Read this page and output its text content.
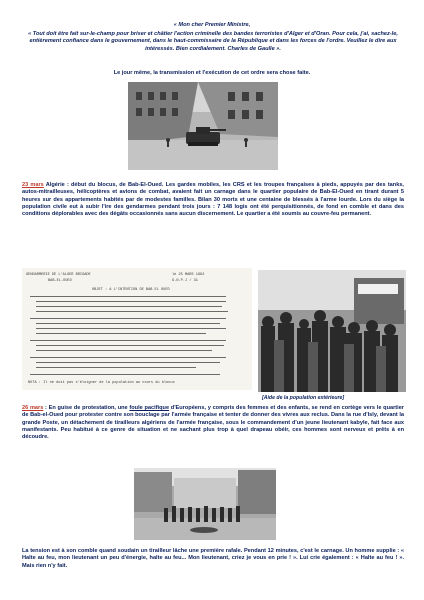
« Mon cher Premier Ministre,
« Tout doit être fait sur-le-champ pour briser et châtier l'action criminelle des bandes terroristes d'Alger et d'Oran. Pour cela, j'ai, sachez-le, entièrement confiance dans le gouvernement, dans le haut-commissaire de la République et dans les forces de l'ordre. Veuillez le dire aux intéressés. Bien cordialement. Charles de Gaulle ».
Le jour même, la transmission et l'exécution de cet ordre sera chose faite.
23 mars Algérie : début du blocus, de Bab-El-Oued. Les gardes mobiles, les CRS et les troupes françaises à pieds, appuyés par des tanks, autos-mitrailleuses, hélicoptères et avions de combat, avaient fait un carnage dans le quartier populaire de Bab-El-Oued en tirant durant 5 heures sur des appartements habités par de modestes familles. Bilan 30 morts et une centaine de blessés à l'arme lourde. Lors du siège la population civile eut à subir l'ire des gendarmes pendant trois jours : 7 148 logis ont été perquisitionnés, de fond en comble et dans des conditions déplorables avec des dégâts occasionnés sans aucun discernement. Le quartier a été soumis au couvre-feu permanent.
GENDARMERIE DE L'ALGER BRIGADE
BAB-EL-OUED
le 25 MARS 1962
G.N.P.J / 31
OBJET : A L'INTENTION DE BAB EL OUED
NOTA : Il ne doit pas s'éloigner de la population au cours du blocus
[Aide de la population extérieure]
26 mars : En guise de protestation, une foule pacifique d'Européens, y compris des femmes et des enfants, se rend en cortège vers le quartier de Bab-el-Oued pour protester contre son bouclage par l'armée française et tenter de donner des vivres aux reclus. Dans la rue d'Isly, devant la grande Poste, un détachement de tirailleurs algériens de l'armée française, sous le commandement d'un jeune lieutenant kabyle, fait face aux manifestants. Peu habitué à ce genre de situation et ne sachant plus trop à quel drapeau obéir, ces hommes sont nerveux et prêts à en découdre.
La tension est à son comble quand soudain un tirailleur lâche une première rafale. Pendant 12 minutes, c'est le carnage. Un homme supplie : « Halte au feu, mon lieutenant un peu d'énergie, halte au feu... Mon lieutenant, criez je vous en prie ! ». Lui crie également : « Halte au feu ! ». Mais rien n'y fait.
